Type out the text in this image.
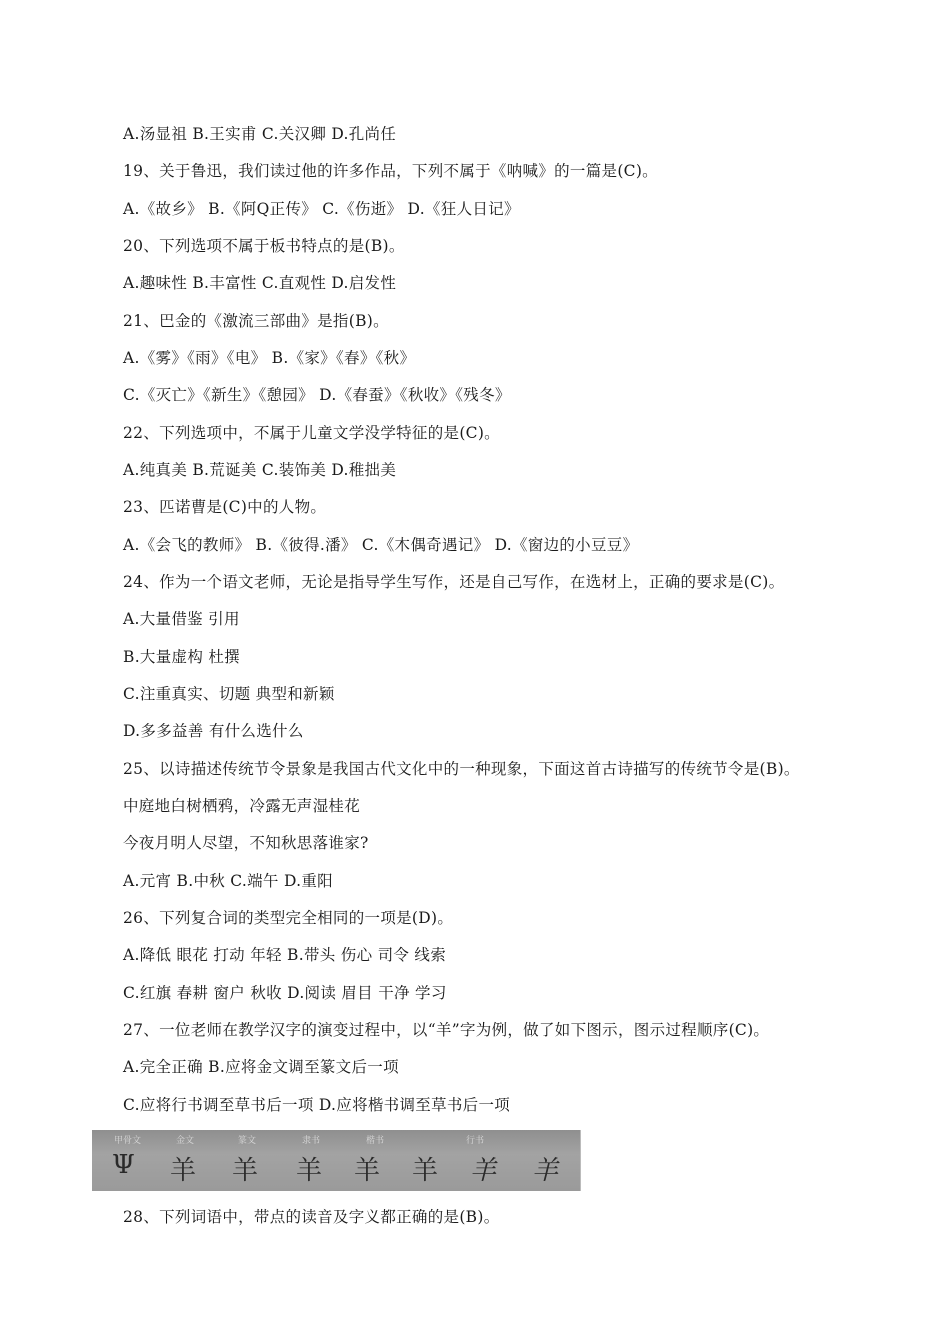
A.汤显祖 B.王实甫 C.关汉卿 D.孔尚任
19、关于鲁迅，我们读过他的许多作品，下列不属于《呐喊》的一篇是(C)。
A.《故乡》 B.《阿Q正传》 C.《伤逝》 D.《狂人日记》
20、下列选项不属于板书特点的是(B)。
A.趣味性 B.丰富性 C.直观性 D.启发性
21、巴金的《激流三部曲》是指(B)。
A.《雾》《雨》《电》 B.《家》《春》《秋》
C.《灭亡》《新生》《憩园》 D.《春蚕》《秋收》《残冬》
22、下列选项中，不属于儿童文学没学特征的是(C)。
A.纯真美 B.荒诞美 C.装饰美 D.稚拙美
23、匹诺曹是(C)中的人物。
A.《会飞的教师》 B.《彼得.潘》 C.《木偶奇遇记》 D.《窗边的小豆豆》
24、作为一个语文老师，无论是指导学生写作，还是自己写作，在选材上，正确的要求是(C)。
A.大量借鉴 引用
B.大量虚构 杜撰
C.注重真实、切题 典型和新颖
D.多多益善 有什么选什么
25、以诗描述传统节令景象是我国古代文化中的一种现象，下面这首古诗描写的传统节令是(B)。
中庭地白树栖鸦，冷露无声湿桂花
今夜月明人尽望，不知秋思落谁家?
A.元宵 B.中秋 C.端午 D.重阳
26、下列复合词的类型完全相同的一项是(D)。
A.降低 眼花 打动 年轻 B.带头 伤心 司令 线索
C.红旗 春耕 窗户 秋收 D.阅读 眉目 干净 学习
27、一位老师在教学汉字的演变过程中，以“羊”字为例，做了如下图示，图示过程顺序(C)。
A.完全正确 B.应将金文调至篆文后一项
C.应将行书调至草书后一项 D.应将楷书调至草书后一项
甲骨文	金文	篆文	隶书	楷书	行书
Ψ 羊 羊 羊 羊 羊 羊 羊
28、下列词语中，带点的读音及字义都正确的是(B)。
